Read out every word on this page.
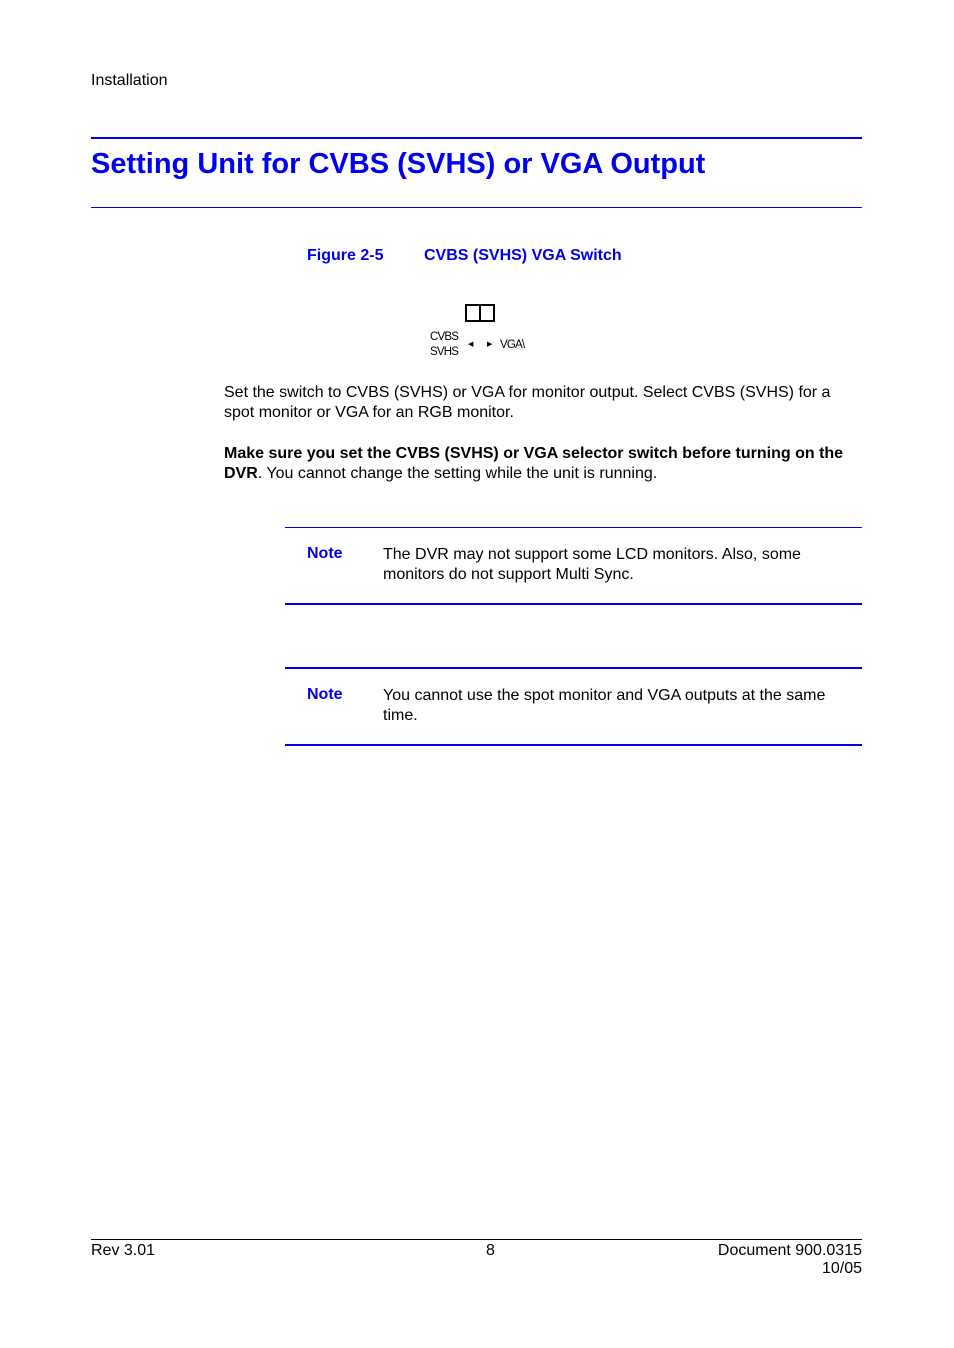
Installation
Setting Unit for CVBS (SVHS) or VGA Output
Figure 2-5	CVBS (SVHS) VGA Switch
CVBS
SVHS
◀ ▶ VGA\
Set the switch to CVBS (SVHS) or VGA for monitor output. Select CVBS (SVHS) for a spot monitor or VGA for an RGB monitor.
Make sure you set the CVBS (SVHS) or VGA selector switch before turning on the DVR. You cannot change the setting while the unit is running.
Note	The DVR may not support some LCD monitors. Also, some monitors do not support Multi Sync.
Note	You cannot use the spot monitor and VGA outputs at the same time.
Rev 3.01	8	Document 900.0315
10/05
